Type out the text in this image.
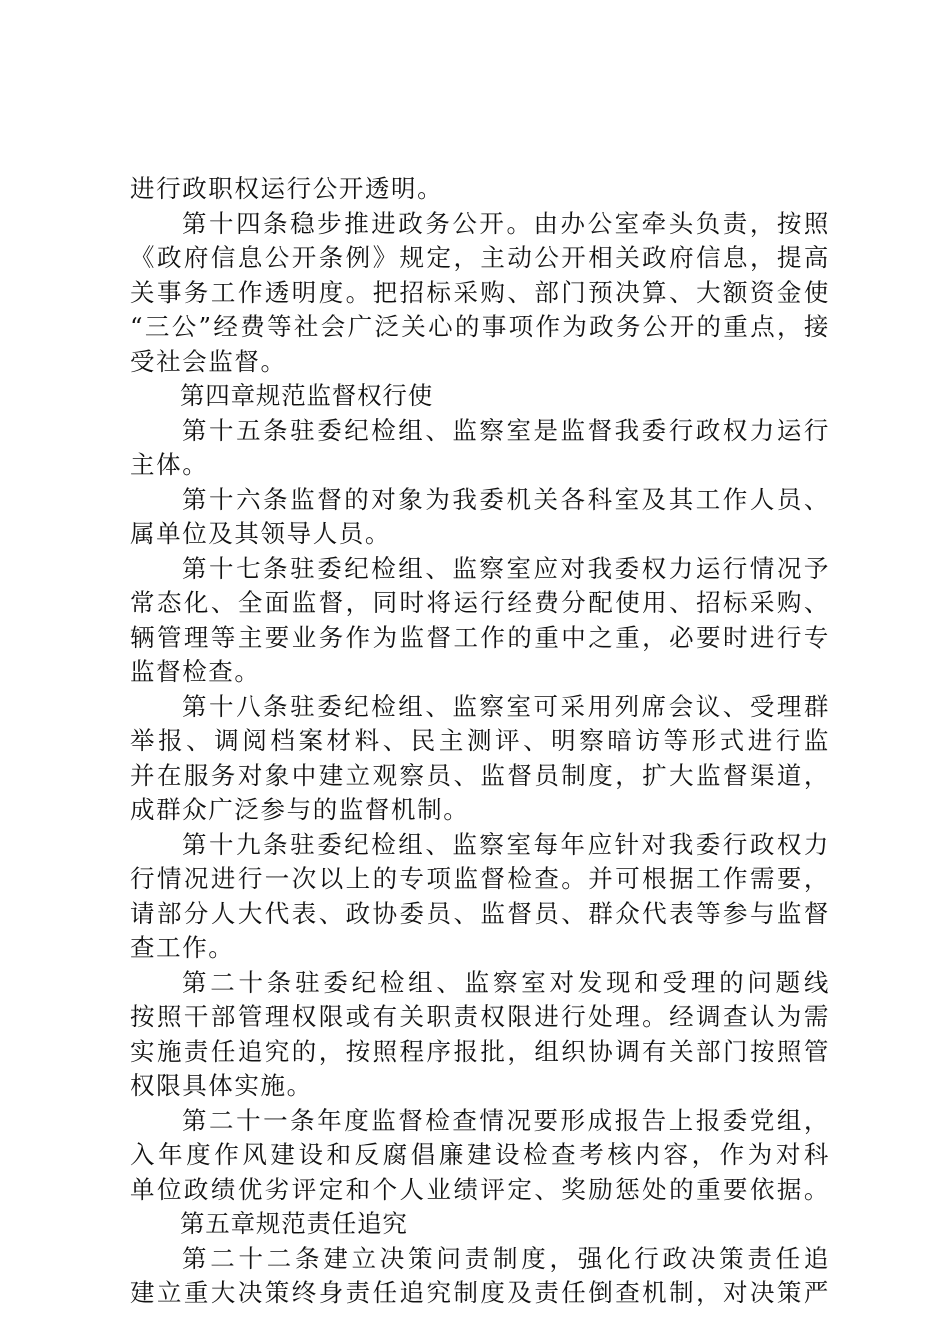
进行政职权运行公开透明。
第十四条稳步推进政务公开。由办公室牵头负责，按照
《政府信息公开条例》规定，主动公开相关政府信息，提高
关事务工作透明度。把招标采购、部门预决算、大额资金使
“三公”经费等社会广泛关心的事项作为政务公开的重点，接
受社会监督。
第四章规范监督权行使
第十五条驻委纪检组、监察室是监督我委行政权力运行
主体。
第十六条监督的对象为我委机关各科室及其工作人员、
属单位及其领导人员。
第十七条驻委纪检组、监察室应对我委权力运行情况予
常态化、全面监督，同时将运行经费分配使用、招标采购、
辆管理等主要业务作为监督工作的重中之重，必要时进行专
监督检查。
第十八条驻委纪检组、监察室可采用列席会议、受理群
举报、调阅档案材料、民主测评、明察暗访等形式进行监
并在服务对象中建立观察员、监督员制度，扩大监督渠道，
成群众广泛参与的监督机制。
第十九条驻委纪检组、监察室每年应针对我委行政权力
行情况进行一次以上的专项监督检查。并可根据工作需要，
请部分人大代表、政协委员、监督员、群众代表等参与监督
查工作。
第二十条驻委纪检组、监察室对发现和受理的问题线
按照干部管理权限或有关职责权限进行处理。经调查认为需
实施责任追究的，按照程序报批，组织协调有关部门按照管
权限具体实施。
第二十一条年度监督检查情况要形成报告上报委党组，
入年度作风建设和反腐倡廉建设检查考核内容，作为对科
单位政绩优劣评定和个人业绩评定、奖励惩处的重要依据。
第五章规范责任追究
第二十二条建立决策问责制度，强化行政决策责任追
建立重大决策终身责任追究制度及责任倒查机制，对决策严
